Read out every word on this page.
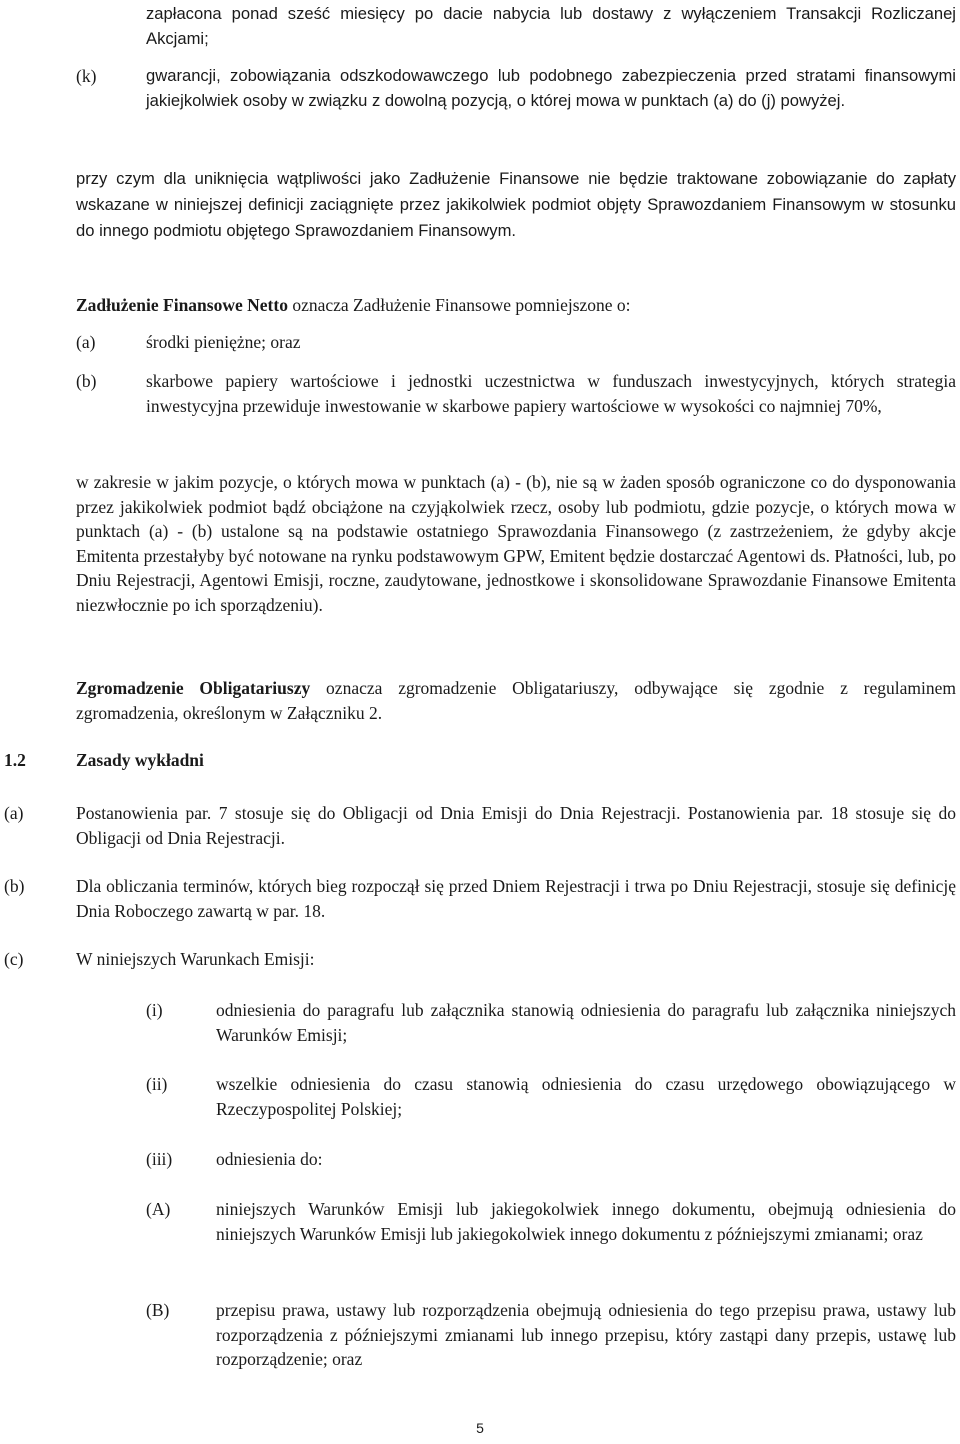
zapłacona ponad sześć miesięcy po dacie nabycia lub dostawy z wyłączeniem Transakcji Rozliczanej Akcjami;
(k)	gwarancji, zobowiązania odszkodowawczego lub podobnego zabezpieczenia przed stratami finansowymi jakiejkolwiek osoby w związku z dowolną pozycją, o której mowa w punktach (a) do (j) powyżej.
przy czym dla uniknięcia wątpliwości jako Zadłużenie Finansowe nie będzie traktowane zobowiązanie do zapłaty wskazane w niniejszej definicji zaciągnięte przez jakikolwiek podmiot objęty Sprawozdaniem Finansowym w stosunku do innego podmiotu objętego Sprawozdaniem Finansowym.
Zadłużenie Finansowe Netto oznacza Zadłużenie Finansowe pomniejszone o:
(a)	środki pieniężne; oraz
(b)	skarbowe papiery wartościowe i jednostki uczestnictwa w funduszach inwestycyjnych, których strategia inwestycyjna przewiduje inwestowanie w skarbowe papiery wartościowe w wysokości co najmniej 70%,
w zakresie w jakim pozycje, o których mowa w punktach (a) - (b), nie są w żaden sposób ograniczone co do dysponowania przez jakikolwiek podmiot bądź obciążone na czyjąkolwiek rzecz, osoby lub podmiotu, gdzie pozycje, o których mowa w punktach (a) - (b) ustalone są na podstawie ostatniego Sprawozdania Finansowego (z zastrzeżeniem, że gdyby akcje Emitenta przestałyby być notowane na rynku podstawowym GPW, Emitent będzie dostarczać Agentowi ds. Płatności, lub, po Dniu Rejestracji, Agentowi Emisji, roczne, zaudytowane, jednostkowe i skonsolidowane Sprawozdanie Finansowe Emitenta niezwłocznie po ich sporządzeniu).
Zgromadzenie Obligatariuszy oznacza zgromadzenie Obligatariuszy, odbywające się zgodnie z regulaminem zgromadzenia, określonym w Załączniku 2.
1.2	Zasady wykładni
(a)	Postanowienia par. 7 stosuje się do Obligacji od Dnia Emisji do Dnia Rejestracji. Postanowienia par. 18 stosuje się do Obligacji od Dnia Rejestracji.
(b)	Dla obliczania terminów, których bieg rozpoczął się przed Dniem Rejestracji i trwa po Dniu Rejestracji, stosuje się definicję Dnia Roboczego zawartą w par. 18.
(c)	W niniejszych Warunkach Emisji:
(i)	odniesienia do paragrafu lub załącznika stanowią odniesienia do paragrafu lub załącznika niniejszych Warunków Emisji;
(ii)	wszelkie odniesienia do czasu stanowią odniesienia do czasu urzędowego obowiązującego w Rzeczypospolitej Polskiej;
(iii)	odniesienia do:
(A)	niniejszych Warunków Emisji lub jakiegokolwiek innego dokumentu, obejmują odniesienia do niniejszych Warunków Emisji lub jakiegokolwiek innego dokumentu z późniejszymi zmianami; oraz
(B)	przepisu prawa, ustawy lub rozporządzenia obejmują odniesienia do tego przepisu prawa, ustawy lub rozporządzenia z późniejszymi zmianami lub innego przepisu, który zastąpi dany przepis, ustawę lub rozporządzenie; oraz
5
